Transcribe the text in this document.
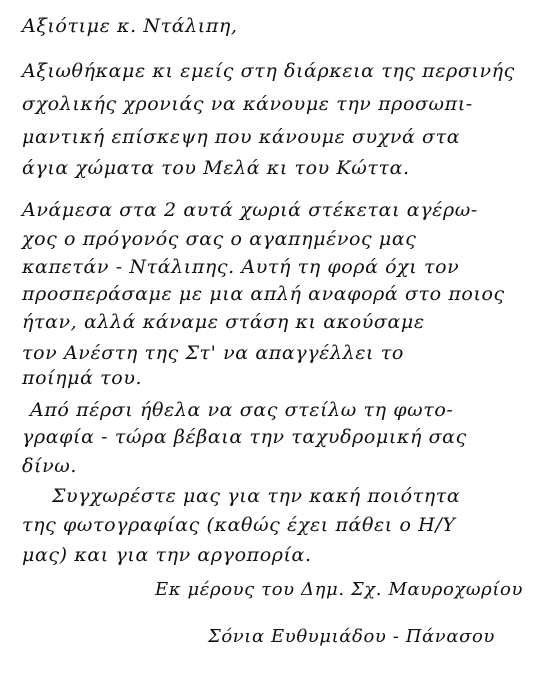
Αξιότιμε κ. Ντάλιπη,
Αξιωθήκαμε κι εμείς στη διάρκεια της περσινής
σχολικής χρονιάς να κάνουμε την προσωπι-
μαντική επίσκεψη που κάνουμε συχνά στα
άγια χώματα του Μελά κι του Κώττα.
Ανάμεσα στα 2 αυτά χωριά στέκεται αγέρω-
χος ο πρόγονός σας ο αγαπημένος μας
καπετάν - Ντάλιπης. Αυτή τη φορά όχι τον
προσπεράσαμε με μια απλή αναφορά στο ποιος
ήταν, αλλά κάναμε στάση κι ακούσαμε
τον Ανέστη της Στ' να απαγγέλλει το
ποίημά του.
Από πέρσι ήθελα να σας στείλω τη φωτο-
γραφία - τώρα βέβαια την ταχυδρομική σας
δίνω.
Συγχωρέστε μας για την κακή ποιότητα
της φωτογραφίας (καθώς έχει πάθει ο Η/Υ
μας) και για την αργοπορία.
Εκ μέρους του Δημ. Σχ. Μαυροχωρίου
Σόνια Ευθυμιάδου - Πάνασου
